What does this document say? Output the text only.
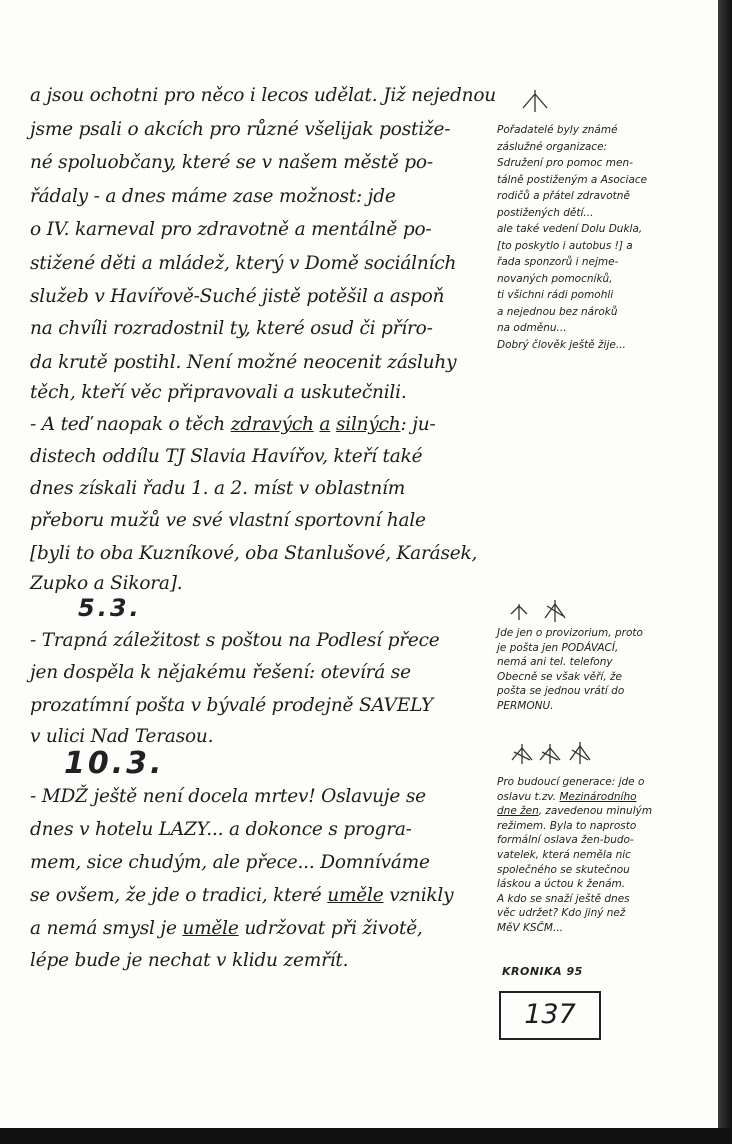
a jsou ochotni pro něco i lecos udělat. Již nejednou
jsme psali o akcích pro různé všelijak postiže-
né spoluobčany, které se v našem městě po-
řádaly - a dnes máme zase možnost: jde
o IV. karneval pro zdravotně a mentálně po-
stižené děti a mládež, který v Domě sociálních
služeb v Havířově-Suché jistě potěšil a aspoň
na chvíli rozradostnil ty, které osud či příro-
da krutě postihl. Není možné neocenit zásluhy
těch, kteří věc připravovali a uskutečnili.
- A teď naopak o těch zdravých a silných: ju-
distech oddílu TJ Slavia Havířov, kteří také
dnes získali řadu 1. a 2. míst v oblastním
přeboru mužů ve své vlastní sportovní hale
[byli to oba Kuzníkové, oba Stanlušové, Karásek,
Zupko a Sikora].
- Trapná záležitost s poštou na Podlesí přece
jen dospěla k nějakému řešení: otevírá se
prozatímní pošta v bývalé prodejně SAVELY
v ulici Nad Terasou.
- MDŽ ještě není docela mrtev! Oslavuje se
dnes v hotelu LAZY... a dokonce s progra-
mem, sice chudým, ale přece... Domníváme
se ovšem, že jde o tradici, které uměle vznikly
a nemá smysl je uměle udržovat při životě,
lépe bude je nechat v klidu zemřít.
5.3.
10.3.
Pořadatelé byly známé
záslužné organizace:
Sdružení pro pomoc men-
tálně postiženým a Asociace
rodičů a přátel zdravotně
postižených dětí...
ale také vedení Dolu Dukla,
[to poskytlo i autobus !] a
řada sponzorů i nejme-
novaných pomocníků,
ti všichni rádi pomohli
a nejednou bez nároků
na odměnu...
Dobrý člověk ještě žije...
Jde jen o provizorium, proto
je pošta jen PODÁVACÍ,
nemá ani tel. telefony
Obecně se však věří, že
pošta se jednou vrátí do
PERMONU.
Pro budoucí generace: jde o
oslavu t.zv. Mezinárodního
dne žen, zavedenou minulým
režimem. Byla to naprosto
formální oslava žen-budo-
vatelek, která neměla nic
společného se skutečnou
láskou a úctou k ženám.
A kdo se snaží ještě dnes
věc udržet? Kdo jiný než
MěV KSČM...
KRONIKA 95
137
